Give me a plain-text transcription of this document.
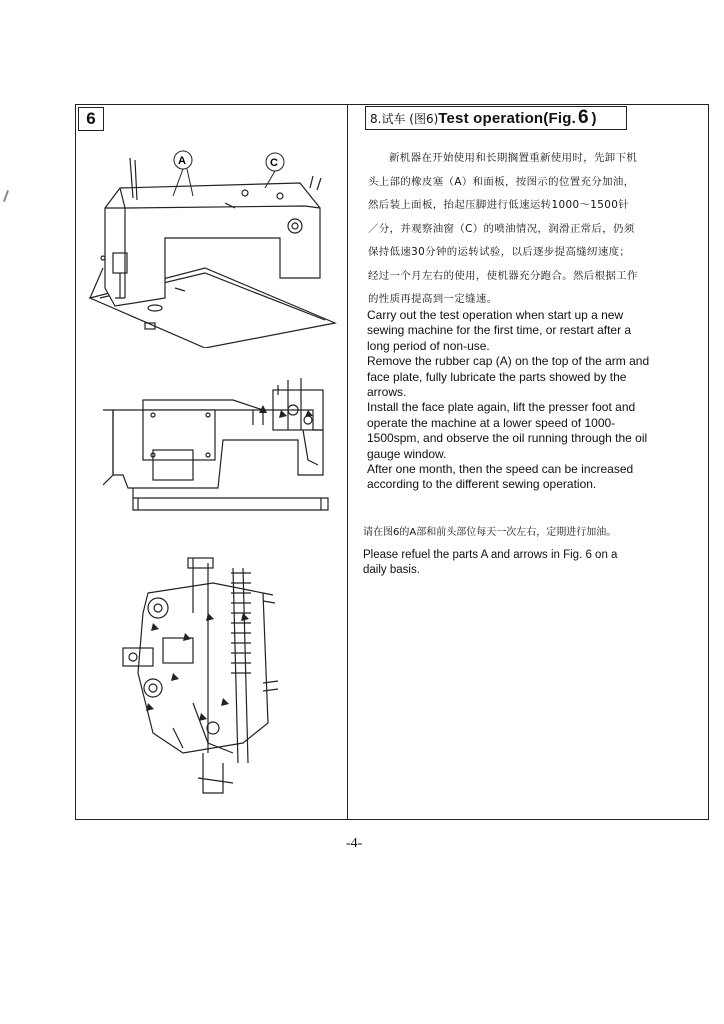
6	8.试车 (图6) Test operation(Fig. 6 )
新机器在开始使用和长期搁置重新使用时，先卸下机头上部的橡皮塞（A）和面板，按图示的位置充分加油，然后装上面板，抬起压脚进行低速运转1000～1500针／分，并观察油窗（C）的喷油情况，润滑正常后，仍须保持低速30分钟的运转试验，以后逐步提高缝纫速度；经过一个月左右的使用，使机器充分跑合。然后根据工作的性质再提高到一定缝速。

Carry out the test operation when start up a new sewing machine for the first time, or restart after a long period of non-use.

Remove the rubber cap (A) on the top of the arm and face plate, fully lubricate the parts showed by the arrows.

Install the face plate again, lift the presser foot and operate the machine at a lower speed of 1000-1500spm, and observe the oil running through the oil gauge window.

After one month, then the speed can be increased according to the different sewing operation.

请在图6的A部和前头部位每天一次左右，定期进行加油。
Please refuel the parts A and arrows in Fig. 6 on a daily basis.
-4-
A	C
